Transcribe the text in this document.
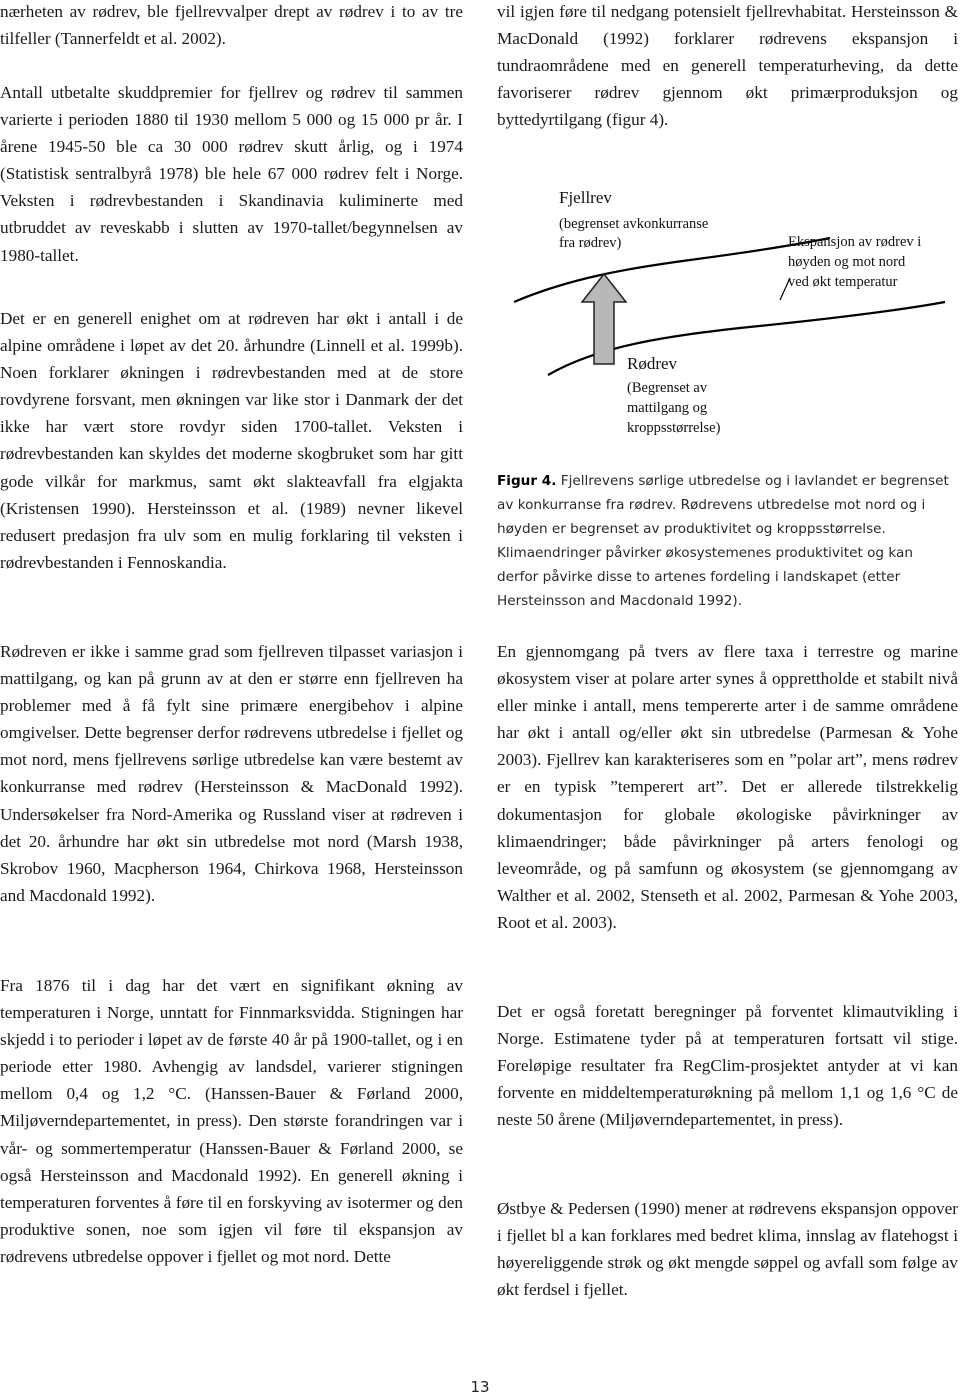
nærheten av rødrev, ble fjellrevvalper drept av rødrev i to av tre tilfeller (Tannerfeldt et al. 2002).

Antall utbetalte skuddpremier for fjellrev og rødrev til sammen varierte i perioden 1880 til 1930 mellom 5 000 og 15 000 pr år. I årene 1945-50 ble ca 30 000 rødrev skutt årlig, og i 1974 (Statistisk sentralbyrå 1978) ble hele 67 000 rødrev felt i Norge. Veksten i rødrevbestanden i Skandinavia kuliminerte med utbruddet av reveskabb i slutten av 1970-tallet/begynnelsen av 1980-tallet.

Det er en generell enighet om at rødreven har økt i antall i de alpine områdene i løpet av det 20. århundre (Linnell et al. 1999b). Noen forklarer økningen i rødrevbestanden med at de store rovdyrene forsvant, men økningen var like stor i Danmark der det ikke har vært store rovdyr siden 1700-tallet. Veksten i rødrevbestanden kan skyldes det moderne skogbruket som har gitt gode vilkår for markmus, samt økt slakteavfall fra elgjakta (Kristensen 1990). Hersteinsson et al. (1989) nevner likevel redusert predasjon fra ulv som en mulig forklaring til veksten i rødrevbestanden i Fennoskandia.

Rødreven er ikke i samme grad som fjellreven tilpasset variasjon i mattilgang, og kan på grunn av at den er større enn fjellreven ha problemer med å få fylt sine primære energibehov i alpine omgivelser. Dette begrenser derfor rødrevens utbredelse i fjellet og mot nord, mens fjellrevens sørlige utbredelse kan være bestemt av konkurranse med rødrev (Hersteinsson & MacDonald 1992). Undersøkelser fra Nord-Amerika og Russland viser at rødreven i det 20. århundre har økt sin utbredelse mot nord (Marsh 1938, Skrobov 1960, Macpherson 1964, Chirkova 1968, Hersteinsson and Macdonald 1992).

Fra 1876 til i dag har det vært en signifikant økning av temperaturen i Norge, unntatt for Finnmarksvidda. Stigningen har skjedd i to perioder i løpet av de første 40 år på 1900-tallet, og i en periode etter 1980. Avhengig av landsdel, varierer stigningen mellom 0,4 og 1,2 °C. (Hanssen-Bauer & Førland 2000, Miljøverndepartementet, in press). Den største forandringen var i vår- og sommertemperatur (Hanssen-Bauer & Førland 2000, se også Hersteinsson and Macdonald 1992). En generell økning i temperaturen forventes å føre til en forskyving av isotermer og den produktive sonen, noe som igjen vil føre til ekspansjon av rødrevens utbredelse oppover i fjellet og mot nord. Dette

vil igjen føre til nedgang potensielt fjellrevhabitat. Hersteinsson & MacDonald (1992) forklarer rødrevens ekspansjon i tundraområdene med en generell temperaturheving, da dette favoriserer rødrev gjennom økt primærproduksjon og byttedyrtilgang (figur 4).

Fjellrev
(begrenset avkonkurranse
fra rødrev)	Ekspansjon av rødrev i
høyden og mot nord
ved økt temperatur
Rødrev
(Begrenset av
mattilgang og
kroppsstørrelse)

Figur 4. Fjellrevens sørlige utbredelse og i lavlandet er begrenset av konkurranse fra rødrev. Rødrevens utbredelse mot nord og i høyden er begrenset av produktivitet og kroppsstørrelse. Klimaendringer påvirker økosystemenes produktivitet og kan derfor påvirke disse to artenes fordeling i landskapet (etter Hersteinsson and Macdonald 1992).

En gjennomgang på tvers av flere taxa i terrestre og marine økosystem viser at polare arter synes å opprettholde et stabilt nivå eller minke i antall, mens tempererte arter i de samme områdene har økt i antall og/eller økt sin utbredelse (Parmesan & Yohe 2003). Fjellrev kan karakteriseres som en ”polar art”, mens rødrev er en typisk ”temperert art”. Det er allerede tilstrekkelig dokumentasjon for globale økologiske påvirkninger av klimaendringer; både påvirkninger på arters fenologi og leveområde, og på samfunn og økosystem (se gjennomgang av Walther et al. 2002, Stenseth et al. 2002, Parmesan & Yohe 2003, Root et al. 2003).

Det er også foretatt beregninger på forventet klimautvikling i Norge. Estimatene tyder på at temperaturen fortsatt vil stige. Foreløpige resultater fra RegClim-prosjektet antyder at vi kan forvente en middeltemperaturøkning på mellom 1,1 og 1,6 °C de neste 50 årene (Miljøverndepartementet, in press).

Østbye & Pedersen (1990) mener at rødrevens ekspansjon oppover i fjellet bl a kan forklares med bedret klima, innslag av flatehogst i høyereliggende strøk og økt mengde søppel og avfall som følge av økt ferdsel i fjellet.

13
